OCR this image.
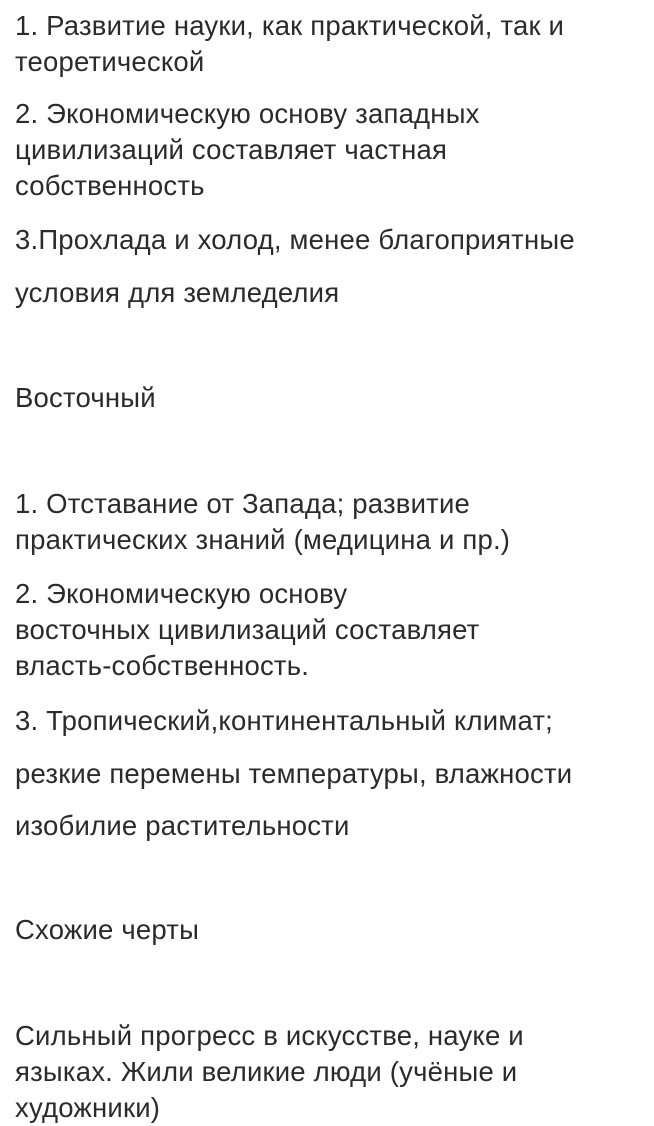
1. Развитие науки, как практической, так и
теоретической

2. Экономическую основу западных
цивилизаций составляет частная
собственность

3.Прохлада и холод, менее благоприятные

условия для земледелия

Восточный

1. Отставание от Запада; развитие
практических знаний (медицина и пр.)

2. Экономическую основу
восточных цивилизаций составляет
власть-собственность.

3. Тропический,континентальный климат;

резкие перемены температуры, влажности

изобилие растительности

Схожие черты

Сильный прогресс в искусстве, науке и
языках. Жили великие люди (учёные и
художники)
